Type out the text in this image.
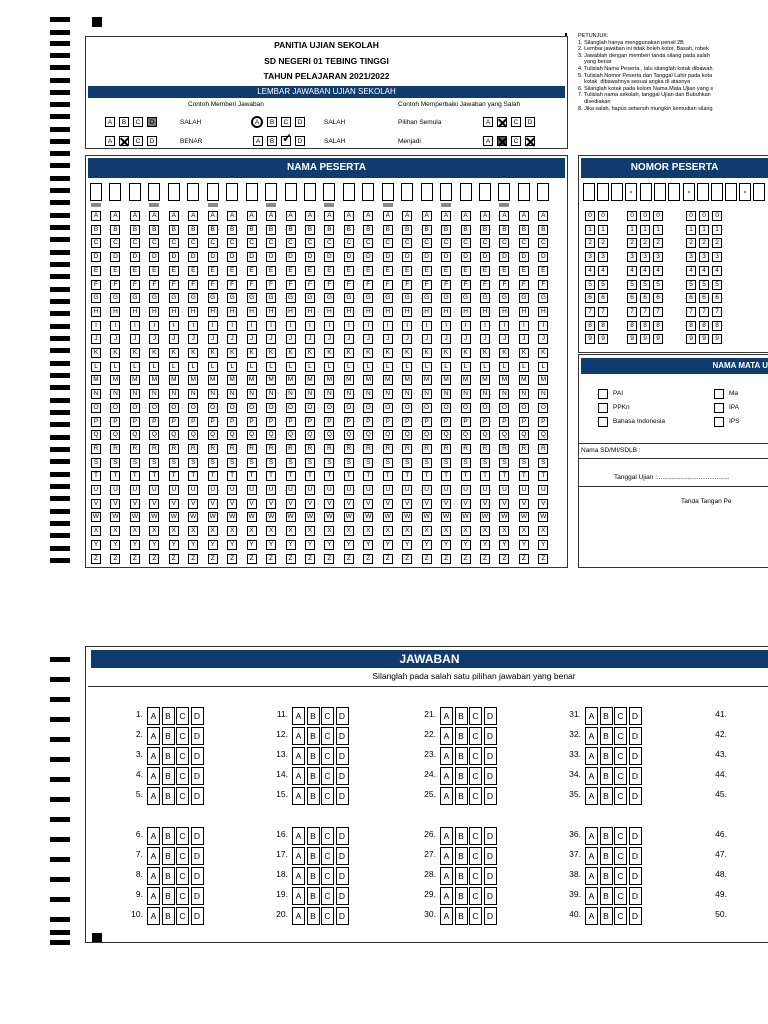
PANITIA UJIAN SEKOLAH
SD NEGERI 01 TEBING TINGGI
TAHUN PELAJARAN 2021/2022
LEMBAR JAWABAN UJIAN SEKOLAH
Contoh Memberi Jawaban	Contoh Memperbaiki Jawaban yang Salah
A	B	C	D	SALAH	A	B	C	D	SALAH	Pilihan Semula	A	C	D
A	C	D	BENAR	A	B
✓	D	SALAH	Menjadi	A	C
PETUNJUK:
1. Silanglah hanya menggunakan pensil 2B
2. Lembar jawaban ini tidak boleh kotor, Basah, robek
3. Jawablah dengan memberi tanda silang pada salah
yang benar
4. Tulislah Nama Peserta , lalu silanglah kotak dibawah
5. Tulislah Nomor Peserta dan Tanggal Lahir pada kota
kotak  dibawahnya sesuai angka di atasnya
6. Silanglah kotak pada kolom Nama Mata Ujian yang s
7. Tulislah nama sekolah, tanggal Ujian dan Bubuhkan
disediakan
8. Jika salah, hapus sebersih mungkin kemudian silang
NAMA PESERTA
A
B
C
D
E
F
G
H
I
J
K
L
M
N
O
P
Q
R
S
T
U
V
W
X
Y
Z
A
B
C
D
E
F
G
H
I
J
K
L
M
N
O
P
Q
R
S
T
U
V
W
X
Y
Z
A
B
C
D
E
F
G
H
I
J
K
L
M
N
O
P
Q
R
S
T
U
V
W
X
Y
Z
A
B
C
D
E
F
G
H
I
J
K
L
M
N
O
P
Q
R
S
T
U
V
W
X
Y
Z
A
B
C
D
E
F
G
H
I
J
K
L
M
N
O
P
Q
R
S
T
U
V
W
X
Y
Z
A
B
C
D
E
F
G
H
I
J
K
L
M
N
O
P
Q
R
S
T
U
V
W
X
Y
Z
A
B
C
D
E
F
G
H
I
J
K
L
M
N
O
P
Q
R
S
T
U
V
W
X
Y
Z
A
B
C
D
E
F
G
H
I
J
K
L
M
N
O
P
Q
R
S
T
U
V
W
X
Y
Z
A
B
C
D
E
F
G
H
I
J
K
L
M
N
O
P
Q
R
S
T
U
V
W
X
Y
Z
A
B
C
D
E
F
G
H
I
J
K
L
M
N
O
P
Q
R
S
T
U
V
W
X
Y
Z
A
B
C
D
E
F
G
H
I
J
K
L
M
N
O
P
Q
R
S
T
U
V
W
X
Y
Z
A
B
C
D
E
F
G
H
I
J
K
L
M
N
O
P
Q
R
S
T
U
V
W
X
Y
Z
A
B
C
D
E
F
G
H
I
J
K
L
M
N
O
P
Q
R
S
T
U
V
W
X
Y
Z
A
B
C
D
E
F
G
H
I
J
K
L
M
N
O
P
Q
R
S
T
U
V
W
X
Y
Z
A
B
C
D
E
F
G
H
I
J
K
L
M
N
O
P
Q
R
S
T
U
V
W
X
Y
Z
A
B
C
D
E
F
G
H
I
J
K
L
M
N
O
P
Q
R
S
T
U
V
W
X
Y
Z
A
B
C
D
E
F
G
H
I
J
K
L
M
N
O
P
Q
R
S
T
U
V
W
X
Y
Z
A
B
C
D
E
F
G
H
I
J
K
L
M
N
O
P
Q
R
S
T
U
V
W
X
Y
Z
A
B
C
D
E
F
G
H
I
J
K
L
M
N
O
P
Q
R
S
T
U
V
W
X
Y
Z
A
B
C
D
E
F
G
H
I
J
K
L
M
N
O
P
Q
R
S
T
U
V
W
X
Y
Z
A
B
C
D
E
F
G
H
I
J
K
L
M
N
O
P
Q
R
S
T
U
V
W
X
Y
Z
A
B
C
D
E
F
G
H
I
J
K
L
M
N
O
P
Q
R
S
T
U
V
W
X
Y
Z
A
B
C
D
E
F
G
H
I
J
K
L
M
N
O
P
Q
R
S
T
U
V
W
X
Y
Z
A
B
C
D
E
F
G
H
I
J
K
L
M
N
O
P
Q
R
S
T
U
V
W
X
Y
Z
NOMOR PESERTA
-	-	-
0
1
2
3
4
5
6
7
8
9
0
1
2
3
4
5
6
7
8
9
0
1
2
3
4
5
6
7
8
9
0
1
2
3
4
5
6
7
8
9
0
1
2
3
4
5
6
7
8
9
0
1
2
3
4
5
6
7
8
9
0
1
2
3
4
5
6
7
8
9
0
1
2
3
4
5
6
7
8
9
NAMA MATA U
PAI
PPKn
Bahasa Indonesia
Ma
IPA
IPS
Nama SD/MI/SDLB :
Tanggal Ujian : .......................................
Tanda Tangan Pe
JAWABAN
Silanglah pada salah satu pilihan jawaban yang benar
1. A	B	C D
2. A	B	C D
3. A	B	C D
4. A	B	C D
5. A	B	C D
6. A	B	C D
7. A	B	C D
8. A	B	C D
9. A	B	C D
10. A	B	C D
11. A	B	C D
12. A	B	C D
13. A	B	C D
14. A	B	C D
15. A	B	C D
16. A	B	C D
17. A	B	C D
18. A	B	C D
19. A	B	C D
20. A	B	C D
21. A	B	C D
22. A	B	C D
23. A	B	C D
24. A	B	C D
25. A	B	C D
26. A	B	C D
27. A	B	C D
28. A	B	C D
29. A	B	C D
30. A	B	C D
31. A	B	C D
32. A	B	C D
33. A	B	C D
34. A	B	C D
35. A	B	C D
36. A	B	C D
37. A	B	C D
38. A	B	C D
39. A	B	C D
40. A	B	C D
41.
42.
43.
44.
45.
46.
47.
48.
49.
50.
